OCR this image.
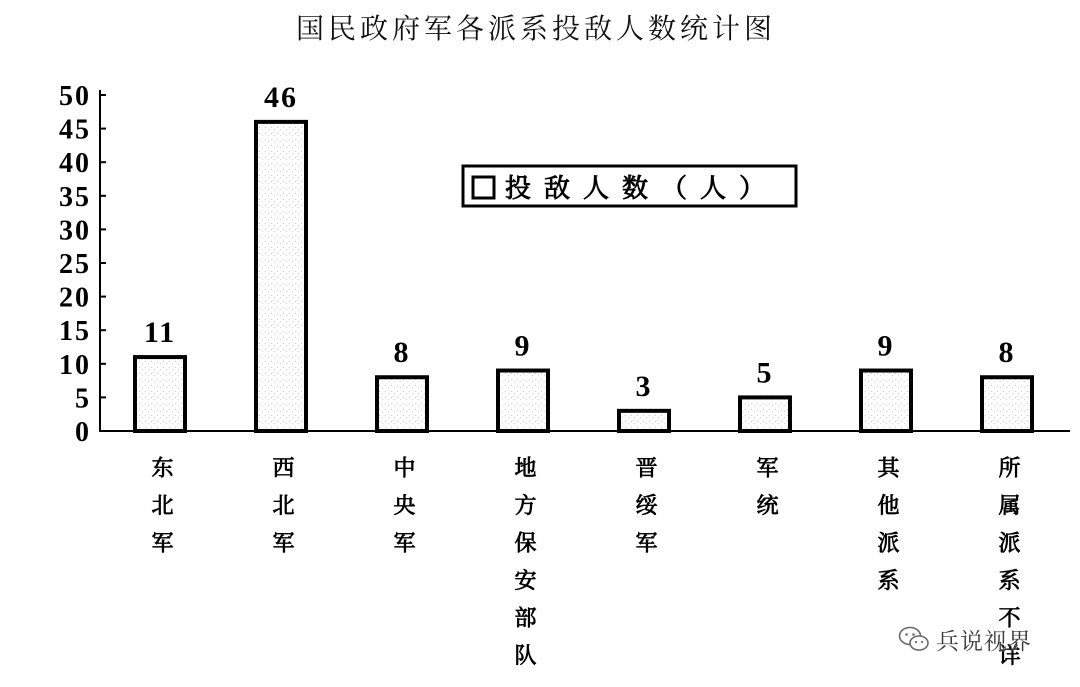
国民政府军各派系投敌人数统计图
0
5
10
15
20
25
30
35
40
45
50
11
46
8	9
3	5
9	8
投敌人数（人）
东北军	西北军	中央军	地方保安部队	晋绥军	军统	其他派系	所属派系不详
兵说视界
